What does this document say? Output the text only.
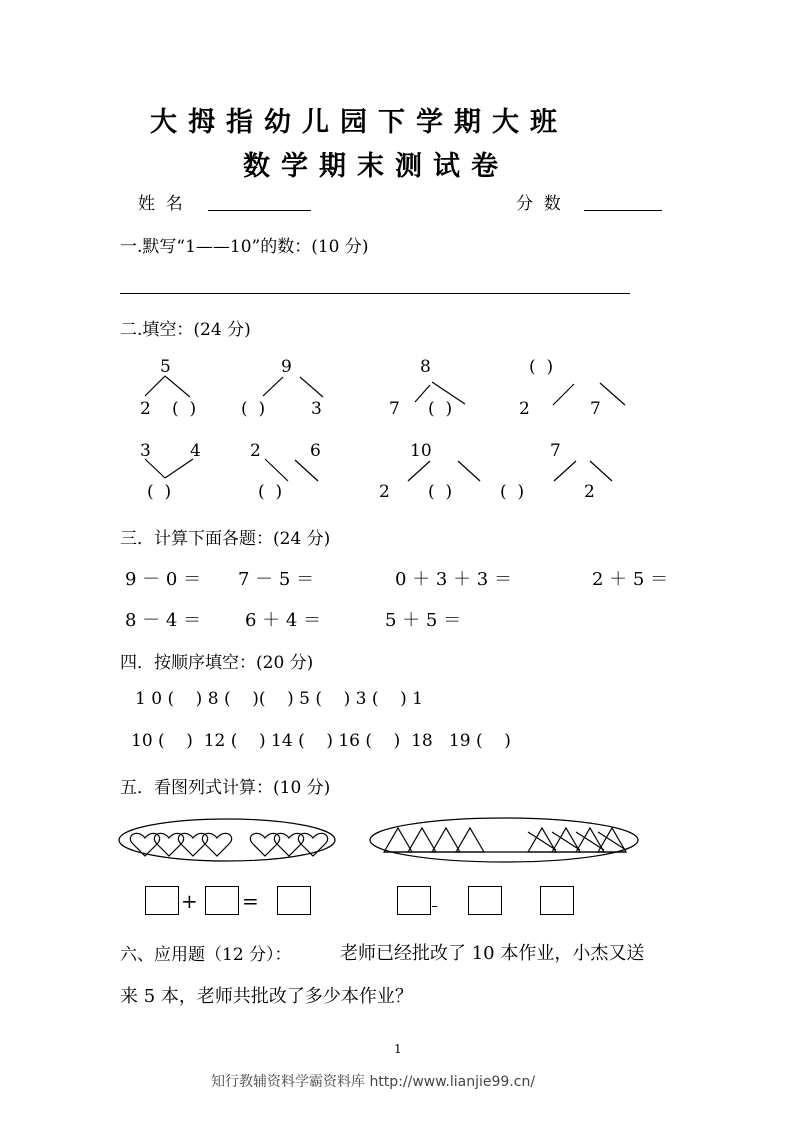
大拇指幼儿园下学期大班
数学期末测试卷
姓  名	分  数
一.默写“1——10”的数：(10 分)
二.填空：(24 分)
5
2 (  )
9
(  )	3
8
7 (  )
(  )
2	7
3 4
(  )
2	6
(  )
10
2 (  )
7
(  )	2
三．计算下面各题：(24 分)
9 － 0 ＝ 7 － 5 ＝	0 ＋ 3 ＋ 3 ＝	2 ＋ 5 ＝
8 － 4 ＝ 6 ＋ 4 ＝	5 ＋ 5 ＝
四．按顺序填空：(20 分)
1 0 (    ) 8 (    )(    ) 5 (    ) 3 (    ) 1
10 (    )  12 (    ) 14 (    ) 16 (    )  18   19 (    )
五．看图列式计算：(10 分)
+ =
六、应用题（12 分）：	老师已经批改了 10 本作业，小杰又送
来 5 本，老师共批改了多少本作业？
1
知行教辅资料学霸资料库 http://www.lianjie99.cn/
